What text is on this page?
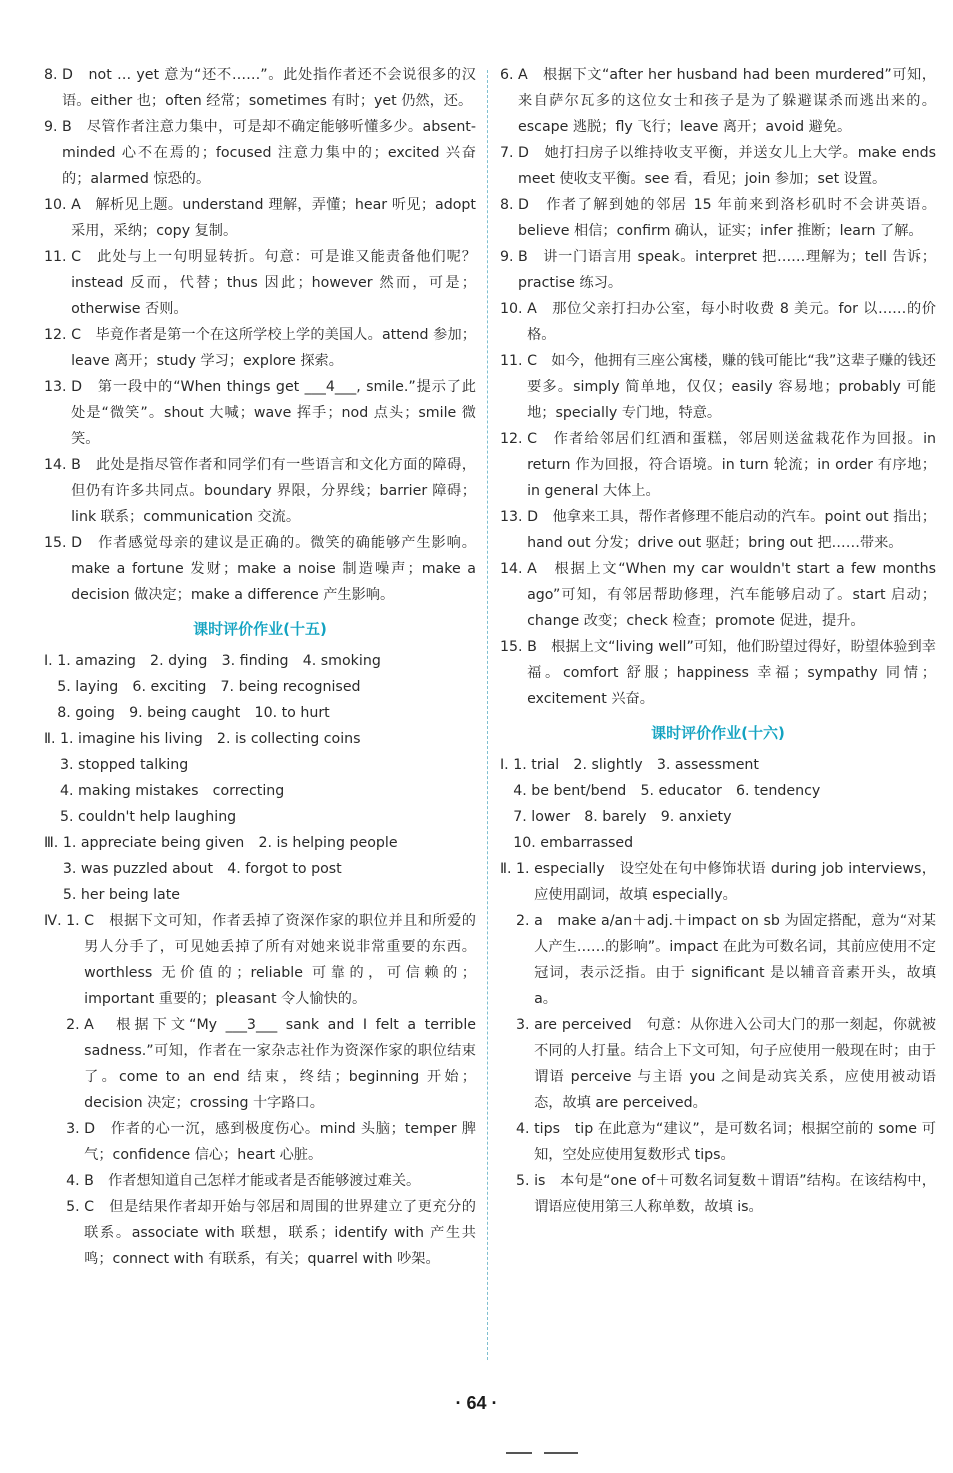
8. D　not … yet 意为“还不……”。此处指作者还不会说很多的汉语。either 也；often 经常；sometimes 有时；yet 仍然，还。
9. B　尽管作者注意力集中，可是却不确定能够听懂多少。absent-minded 心不在焉的；focused 注意力集中的；excited 兴奋的；alarmed 惊恐的。
10. A　解析见上题。understand 理解，弄懂；hear 听见；adopt 采用，采纳；copy 复制。
11. C　此处与上一句明显转折。句意：可是谁又能责备他们呢？instead 反而，代替；thus 因此；however 然而，可是；otherwise 否则。
12. C　毕竟作者是第一个在这所学校上学的美国人。attend 参加；leave 离开；study 学习；explore 探索。
13. D　第一段中的“When things get ___4___, smile.”提示了此处是“微笑”。shout 大喊；wave 挥手；nod 点头；smile 微笑。
14. B　此处是指尽管作者和同学们有一些语言和文化方面的障碍，但仍有许多共同点。boundary 界限，分界线；barrier 障碍；link 联系；communication 交流。
15. D　作者感觉母亲的建议是正确的。微笑的确能够产生影响。make a fortune 发财；make a noise 制造噪声；make a decision 做决定；make a difference 产生影响。
课时评价作业(十五)
Ⅰ. 1. amazing　2. dying　3. finding　4. smoking
5. laying　6. exciting　7. being recognised
8. going　9. being caught　10. to hurt
Ⅱ. 1. imagine his living　2. is collecting coins
3. stopped talking
4. making mistakes　correcting
5. couldn't help laughing
Ⅲ. 1. appreciate being given　2. is helping people
3. was puzzled about　4. forgot to post
5. her being late
Ⅳ. 1. C　根据下文可知，作者丢掉了资深作家的职位并且和所爱的男人分手了，可见她丢掉了所有对她来说非常重要的东西。worthless 无价值的；reliable 可靠的，可信赖的；important 重要的；pleasant 令人愉快的。
2. A　根据下文“My ___3___ sank and I felt a terrible sadness.”可知，作者在一家杂志社作为资深作家的职位结束了。come to an end 结束，终结；beginning 开始；decision 决定；crossing 十字路口。
3. D　作者的心一沉，感到极度伤心。mind 头脑；temper 脾气；confidence 信心；heart 心脏。
4. B　作者想知道自己怎样才能或者是否能够渡过难关。
5. C　但是结果作者却开始与邻居和周围的世界建立了更充分的联系。associate with 联想，联系；identify with 产生共鸣；connect with 有联系，有关；quarrel with 吵架。
6. A　根据下文“after her husband had been murdered”可知，来自萨尔瓦多的这位女士和孩子是为了躲避谋杀而逃出来的。escape 逃脱；fly 飞行；leave 离开；avoid 避免。
7. D　她打扫房子以维持收支平衡，并送女儿上大学。make ends meet 使收支平衡。see 看，看见；join 参加；set 设置。
8. D　作者了解到她的邻居 15 年前来到洛杉矶时不会讲英语。believe 相信；confirm 确认，证实；infer 推断；learn 了解。
9. B　讲一门语言用 speak。interpret 把……理解为；tell 告诉；practise 练习。
10. A　那位父亲打扫办公室，每小时收费 8 美元。for 以……的价格。
11. C　如今，他拥有三座公寓楼，赚的钱可能比“我”这辈子赚的钱还要多。simply 简单地，仅仅；easily 容易地；probably 可能地；specially 专门地，特意。
12. C　作者给邻居们红酒和蛋糕，邻居则送盆栽花作为回报。in return 作为回报，符合语境。in turn 轮流；in order 有序地；in general 大体上。
13. D　他拿来工具，帮作者修理不能启动的汽车。point out 指出；hand out 分发；drive out 驱赶；bring out 把……带来。
14. A　根据上文“When my car wouldn't start a few months ago”可知，有邻居帮助修理，汽车能够启动了。start 启动；change 改变；check 检查；promote 促进，提升。
15. B　根据上文“living well”可知，他们盼望过得好，盼望体验到幸福。comfort 舒服；happiness 幸福；sympathy 同情；excitement 兴奋。
课时评价作业(十六)
Ⅰ. 1. trial　2. slightly　3. assessment
4. be bent/bend　5. educator　6. tendency
7. lower　8. barely　9. anxiety
10. embarrassed
Ⅱ. 1. especially　设空处在句中修饰状语 during job interviews，应使用副词，故填 especially。
2. a　make a/an＋adj.＋impact on sb 为固定搭配，意为“对某人产生……的影响”。impact 在此为可数名词，其前应使用不定冠词，表示泛指。由于 significant 是以辅音音素开头，故填 a。
3. are perceived　句意：从你进入公司大门的那一刻起，你就被不同的人打量。结合上下文可知，句子应使用一般现在时；由于谓语 perceive 与主语 you 之间是动宾关系，应使用被动语态，故填 are perceived。
4. tips　tip 在此意为“建议”，是可数名词；根据空前的 some 可知，空处应使用复数形式 tips。
5. is　本句是“one of＋可数名词复数＋谓语”结构。在该结构中，谓语应使用第三人称单数，故填 is。
· 64 ·
